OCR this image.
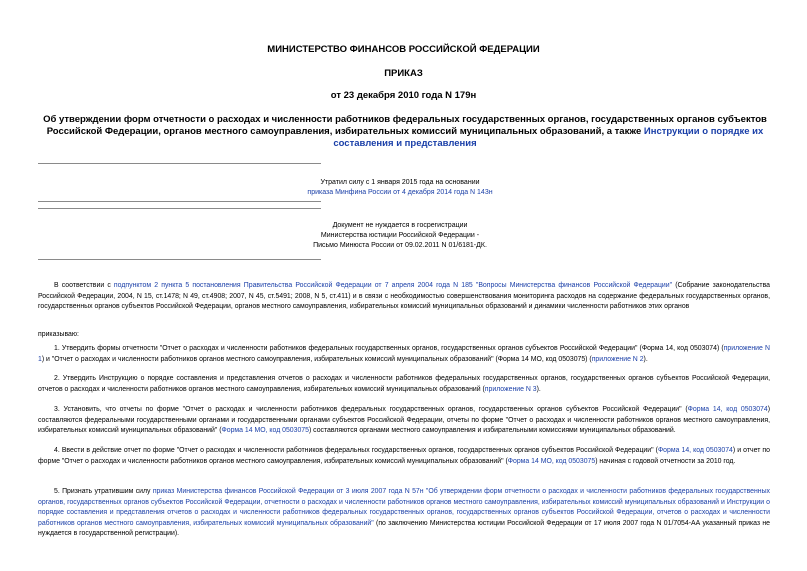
МИНИСТЕРСТВО ФИНАНСОВ РОССИЙСКОЙ ФЕДЕРАЦИИ
ПРИКАЗ
от 23 декабря 2010 года N 179н
Об утверждении форм отчетности о расходах и численности работников федеральных государственных органов, государственных органов субъектов Российской Федерации, органов местного самоуправления, избирательных комиссий муниципальных образований, а также Инструкции о порядке их составления и представления
Утратил силу с 1 января 2015 года на основании
приказа Минфина России от 4 декабря 2014 года N 143н
Документ не нуждается в госрегистрации
Министерства юстиции Российской Федерации -
Письмо Минюста России от 09.02.2011 N 01/6181-ДК.
В соответствии с подпунктом 2 пункта 5 постановления Правительства Российской Федерации от 7 апреля 2004 года N 185 "Вопросы Министерства финансов Российской Федерации" (Собрание законодательства Российской Федерации, 2004, N 15, ст.1478; N 49, ст.4908; 2007, N 45, ст.5491; 2008, N 5, ст.411) и в связи с необходимостью совершенствования мониторинга расходов на содержание федеральных государственных органов, государственных органов субъектов Российской Федерации, органов местного самоуправления, избирательных комиссий муниципальных образований и динамики численности работников этих органов
приказываю:
1. Утвердить формы отчетности "Отчет о расходах и численности работников федеральных государственных органов, государственных органов субъектов Российской Федерации" (Форма 14, код 0503074) (приложение N 1) и "Отчет о расходах и численности работников органов местного самоуправления, избирательных комиссий муниципальных образований" (Форма 14 МО, код 0503075) (приложение N 2).
2. Утвердить Инструкцию о порядке составления и представления отчетов о расходах и численности работников федеральных государственных органов, государственных органов субъектов Российской Федерации, отчетов о расходах и численности работников органов местного самоуправления, избирательных комиссий муниципальных образований (приложение N 3).
3. Установить, что отчеты по форме "Отчет о расходах и численности работников федеральных государственных органов, государственных органов субъектов Российской Федерации" (Форма 14, код 0503074) составляются федеральными государственными органами и государственными органами субъектов Российской Федерации, отчеты по форме "Отчет о расходах и численности работников органов местного самоуправления, избирательных комиссий муниципальных образований" (Форма 14 МО, код 0503075) составляются органами местного самоуправления и избирательными комиссиями муниципальных образований.
4. Ввести в действие отчет по форме "Отчет о расходах и численности работников федеральных государственных органов, государственных органов субъектов Российской Федерации" (Форма 14, код 0503074) и отчет по форме "Отчет о расходах и численности работников органов местного самоуправления, избирательных комиссий муниципальных образований" (Форма 14 МО, код 0503075) начиная с годовой отчетности за 2010 год.
5. Признать утратившим силу приказ Министерства финансов Российской Федерации от 3 июля 2007 года N 57н "Об утверждении форм отчетности о расходах и численности работников федеральных государственных органов, государственных органов субъектов Российской Федерации, отчетности о расходах и численности работников органов местного самоуправления, избирательных комиссий муниципальных образований и Инструкции о порядке составления и представления отчетов о расходах и численности работников федеральных государственных органов, государственных органов субъектов Российской Федерации, отчетов о расходах и численности работников органов местного самоуправления, избирательных комиссий муниципальных образований" (по заключению Министерства юстиции Российской Федерации от 17 июля 2007 года N 01/7054-АА указанный приказ не нуждается в государственной регистрации).
